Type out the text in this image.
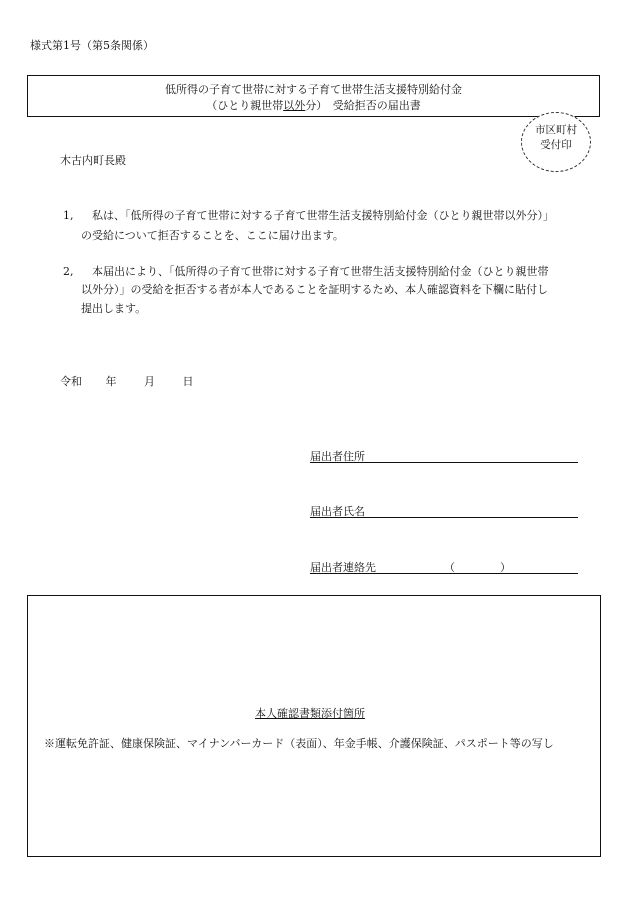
様式第1号（第5条関係）
低所得の子育て世帯に対する子育て世帯生活支援特別給付金
（ひとり親世帯以外分）　受給拒否の届出書
市区町村
受付印
木古内町長殿
1, 私は、「低所得の子育て世帯に対する子育て世帯生活支援特別給付金（ひとり親世帯以外分）」
の受給について拒否することを、ここに届け出ます。
2, 本届出により、「低所得の子育て世帯に対する子育て世帯生活支援特別給付金（ひとり親世帯
以外分）」の受給を拒否する者が本人であることを証明するため、本人確認資料を下欄に貼付し
提出します。
令和 年	月	日
届出者住所
届出者氏名
届出者連絡先	（	）
本人確認書類添付箇所
※運転免許証、健康保険証、マイナンバーカード（表面）、年金手帳、介護保険証、パスポート等の写し
